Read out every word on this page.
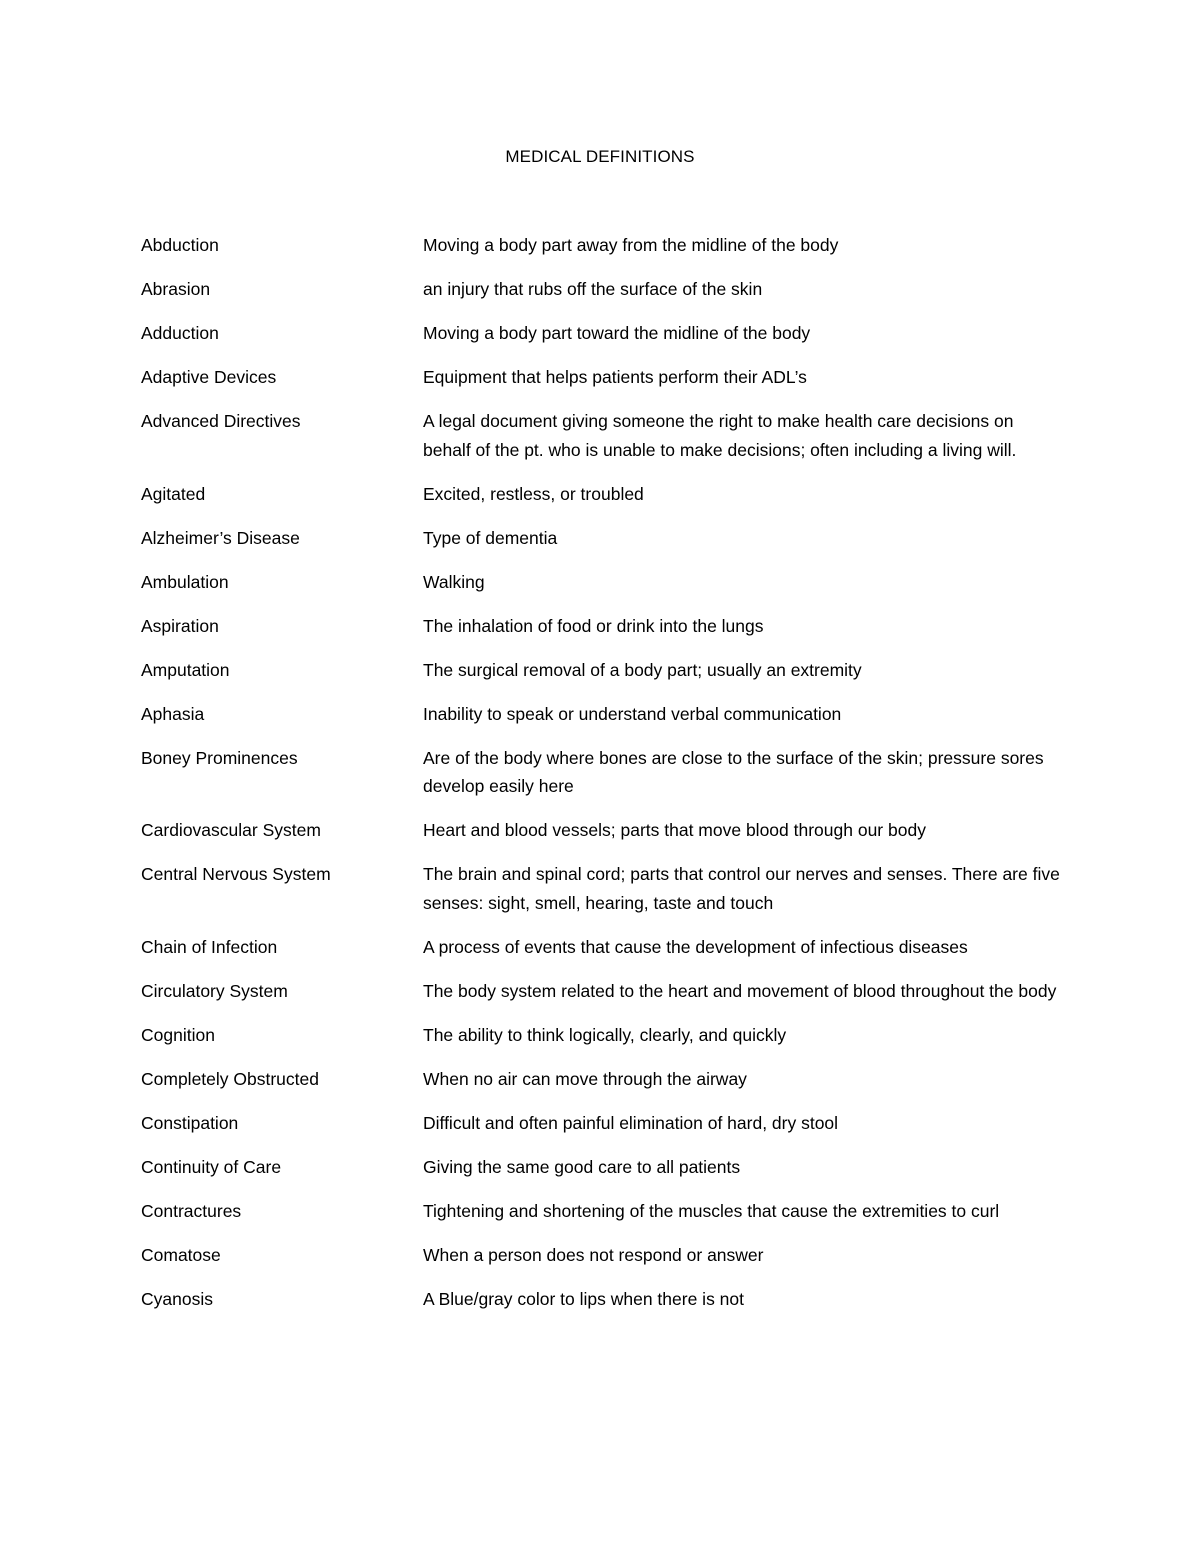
MEDICAL DEFINITIONS
Abduction	Moving a body part away from the midline of the body
Abrasion	an injury that rubs off the surface of the skin
Adduction	Moving a body part toward the midline of the body
Adaptive Devices	Equipment that helps patients perform their ADL’s
Advanced Directives	A legal document giving someone the right to make health care decisions on behalf of the pt. who is unable to make decisions; often including a living will.
Agitated	Excited, restless, or troubled
Alzheimer’s Disease	Type of dementia
Ambulation	Walking
Aspiration	The inhalation of food or drink into the lungs
Amputation	The surgical removal of a body part; usually an extremity
Aphasia	Inability to speak or understand verbal communication
Boney Prominences	Are of the body where bones are close to the surface of the skin; pressure sores develop easily here
Cardiovascular System	Heart and blood vessels; parts that move blood through our body
Central Nervous System	The brain and spinal cord; parts that control our nerves and senses. There are five senses: sight, smell, hearing, taste and touch
Chain of Infection	A process of events that cause the development of infectious diseases
Circulatory System	The body system related to the heart and movement of blood throughout the body
Cognition	The ability to think logically, clearly, and quickly
Completely Obstructed	When no air can move through the airway
Constipation	Difficult and often painful elimination of hard, dry stool
Continuity of Care	Giving the same good care to all patients
Contractures	Tightening and shortening of the muscles that cause the extremities to curl
Comatose	When a person does not respond or answer
Cyanosis	A Blue/gray color to lips when there is not
